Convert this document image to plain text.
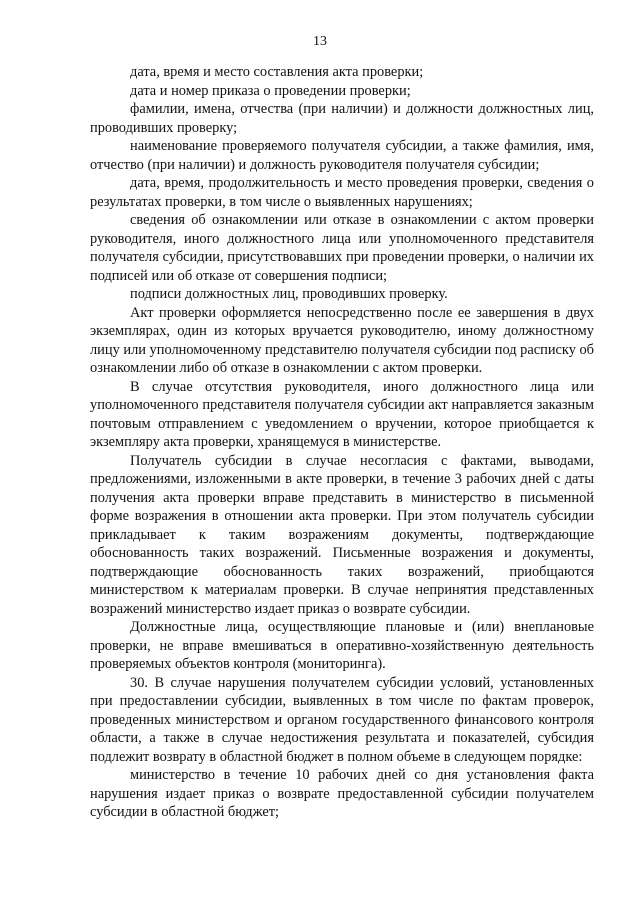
13

дата, время и место составления акта проверки;

дата и номер приказа о проведении проверки;

фамилии, имена, отчества (при наличии) и должности должностных лиц, проводивших проверку;

наименование проверяемого получателя субсидии, а также фамилия, имя, отчество (при наличии) и должность руководителя получателя субсидии;

дата, время, продолжительность и место проведения проверки, сведения о результатах проверки, в том числе о выявленных нарушениях;

сведения об ознакомлении или отказе в ознакомлении с актом проверки руководителя, иного должностного лица или уполномоченного представителя получателя субсидии, присутствовавших при проведении проверки, о наличии их подписей или об отказе от совершения подписи;

подписи должностных лиц, проводивших проверку.

Акт проверки оформляется непосредственно после ее завершения в двух экземплярах, один из которых вручается руководителю, иному должностному лицу или уполномоченному представителю получателя субсидии под расписку об ознакомлении либо об отказе в ознакомлении с актом проверки.

В случае отсутствия руководителя, иного должностного лица или уполномоченного представителя получателя субсидии акт направляется заказным почтовым отправлением с уведомлением о вручении, которое приобщается к экземпляру акта проверки, хранящемуся в министерстве.

Получатель субсидии в случае несогласия с фактами, выводами, предложениями, изложенными в акте проверки, в течение 3 рабочих дней с даты получения акта проверки вправе представить в министерство в письменной форме возражения в отношении акта проверки. При этом получатель субсидии прикладывает к таким возражениям документы, подтверждающие обоснованность таких возражений. Письменные возражения и документы, подтверждающие обоснованность таких возражений, приобщаются министерством к материалам проверки. В случае непринятия представленных возражений министерство издает приказ о возврате субсидии.

Должностные лица, осуществляющие плановые и (или) внеплановые проверки, не вправе вмешиваться в оперативно-хозяйственную деятельность проверяемых объектов контроля (мониторинга).

30. В случае нарушения получателем субсидии условий, установленных при предоставлении субсидии, выявленных в том числе по фактам проверок, проведенных министерством и органом государственного финансового контроля области, а также в случае недостижения результата и показателей, субсидия подлежит возврату в областной бюджет в полном объеме в следующем порядке:

министерство в течение 10 рабочих дней со дня установления факта нарушения издает приказ о возврате предоставленной субсидии получателем субсидии в областной бюджет;
